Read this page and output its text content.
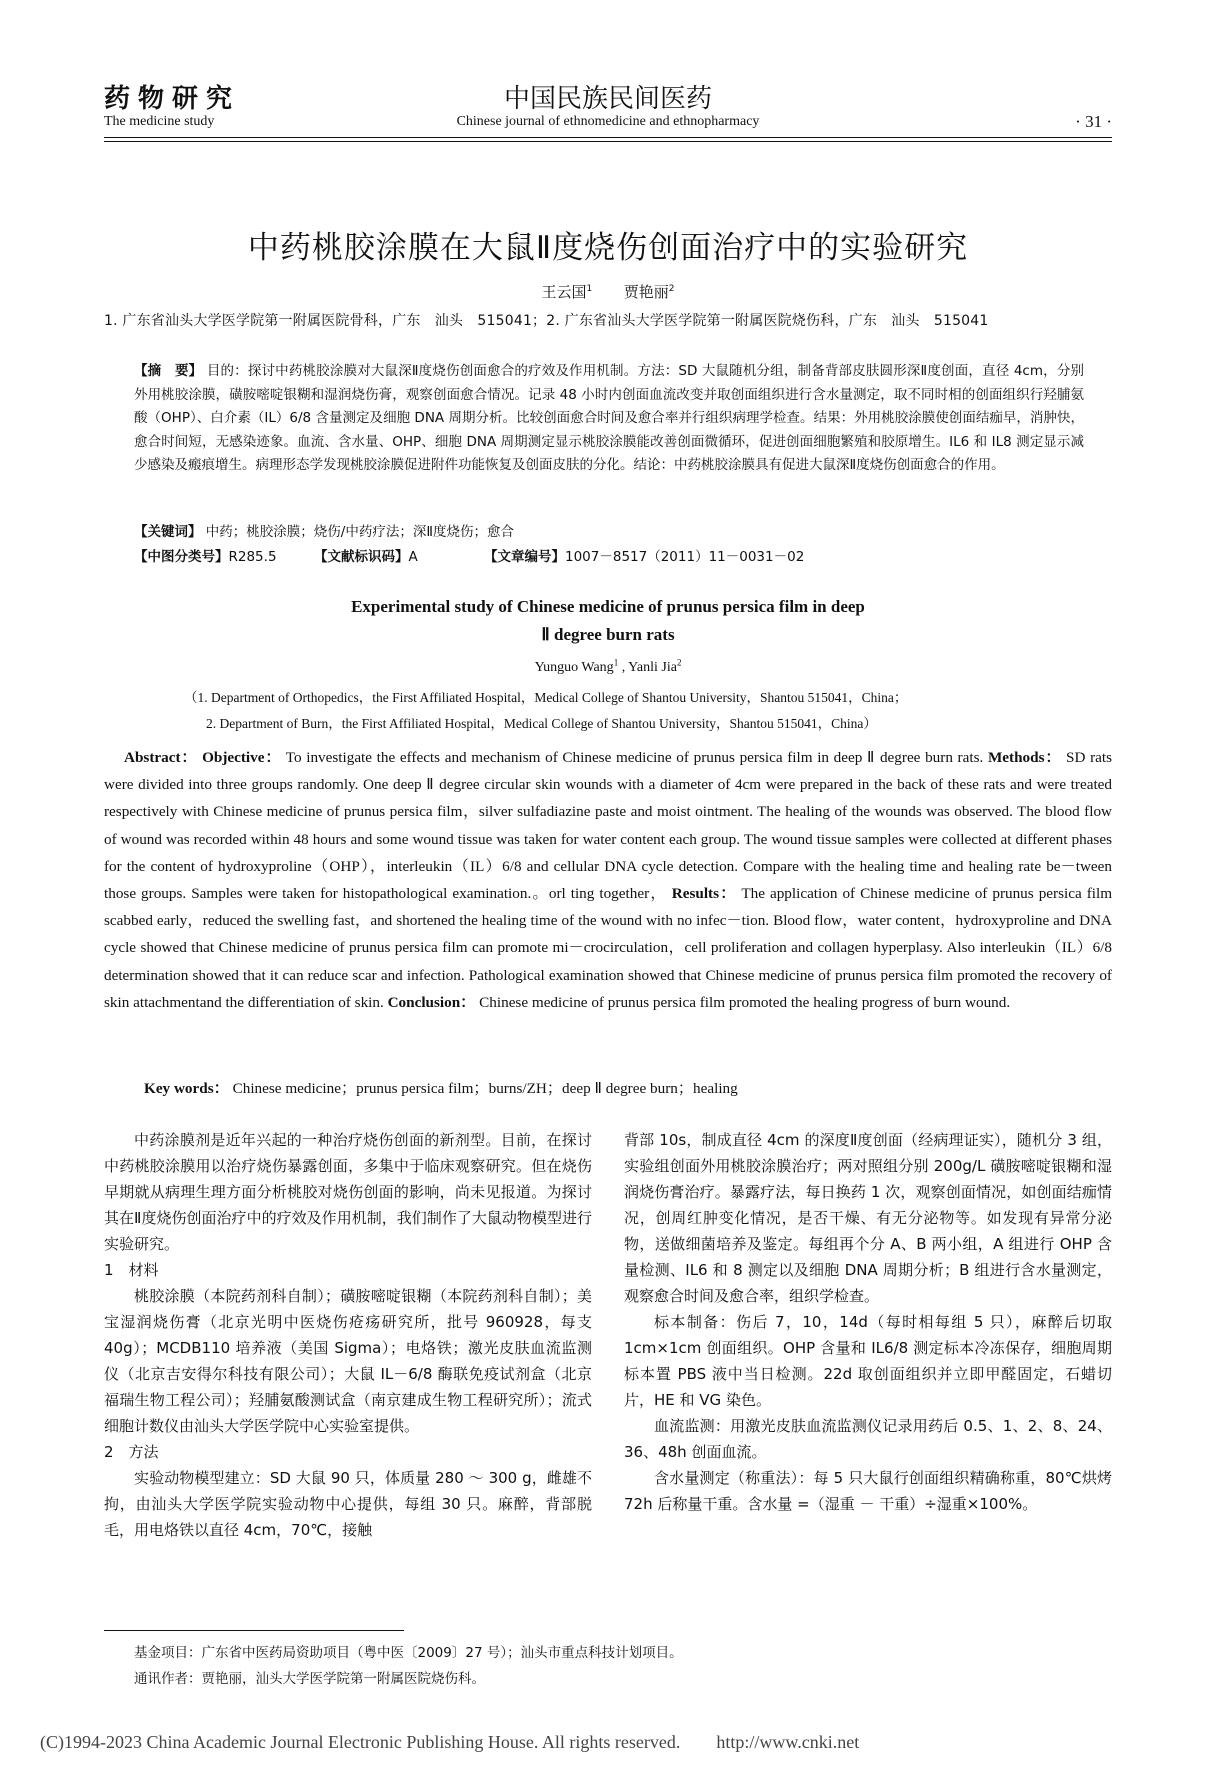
药物研究
The medicine study
中国民族民间医药
Chinese journal of ethnomedicine and ethnopharmacy	· 31 ·
中药桃胶涂膜在大鼠Ⅱ度烧伤创面治疗中的实验研究
王云国$^1$ 贾艳丽$^2$
1. 广东省汕头大学医学院第一附属医院骨科，广东　汕头　515041；2. 广东省汕头大学医学院第一附属医院烧伤科，广东　汕头　515041
【摘　要】 目的：探讨中药桃胶涂膜对大鼠深Ⅱ度烧伤创面愈合的疗效及作用机制。方法：SD 大鼠随机分组，制备背部皮肤圆形深Ⅱ度创面，直径 4cm，分别外用桃胶涂膜，磺胺嘧啶银糊和湿润烧伤膏，观察创面愈合情况。记录 48 小时内创面血流改变并取创面组织进行含水量测定，取不同时相的创面组织行羟脯氨酸（OHP）、白介素（IL）6/8 含量测定及细胞 DNA 周期分析。比较创面愈合时间及愈合率并行组织病理学检查。结果：外用桃胶涂膜使创面结痂早，消肿快，愈合时间短，无感染迹象。血流、含水量、OHP、细胞 DNA 周期测定显示桃胶涂膜能改善创面微循环，促进创面细胞繁殖和胶原增生。IL6 和 IL8 测定显示减少感染及瘢痕增生。病理形态学发现桃胶涂膜促进附件功能恢复及创面皮肤的分化。结论：中药桃胶涂膜具有促进大鼠深Ⅱ度烧伤创面愈合的作用。
【关键词】 中药；桃胶涂膜；烧伤/中药疗法；深Ⅱ度烧伤；愈合
【中图分类号】R285.5	【文献标识码】A	【文章编号】1007－8517（2011）11－0031－02
Experimental study of Chinese medicine of prunus persica film in deep
Ⅱ degree burn rats
Yunguo Wang$^1$ , Yanli Jia$^2$
（1. Department of Orthopedics，the First Affiliated Hospital，Medical College of Shantou University，Shantou 515041，China；
2. Department of Burn，the First Affiliated Hospital，Medical College of Shantou University，Shantou 515041，China）
Abstract： Objective： To investigate the effects and mechanism of Chinese medicine of prunus persica film in deep Ⅱ degree burn rats. Methods： SD rats were divided into three groups randomly. One deep Ⅱ degree circular skin wounds with a diameter of 4cm were prepared in the back of these rats and were treated respectively with Chinese medicine of prunus persica film，silver sulfadiazine paste and moist ointment. The healing of the wounds was observed. The blood flow of wound was recorded within 48 hours and some wound tissue was taken for water content each group. The wound tissue samples were collected at different phases for the content of hydroxyproline（OHP），interleukin（IL）6/8 and cellular DNA cycle detection. Compare with the healing time and healing rate be－tween those groups. Samples were taken for histopathological examination.。orl ting together， Results： The application of Chinese medicine of prunus persica film scabbed early，reduced the swelling fast，and shortened the healing time of the wound with no infec－tion. Blood flow，water content，hydroxyproline and DNA cycle showed that Chinese medicine of prunus persica film can promote mi－crocirculation，cell proliferation and collagen hyperplasy. Also interleukin（IL）6/8 determination showed that it can reduce scar and infection. Pathological examination showed that Chinese medicine of prunus persica film promoted the recovery of skin attachmentand the differentiation of skin. Conclusion： Chinese medicine of prunus persica film promoted the healing progress of burn wound.
Key words： Chinese medicine；prunus persica film；burns/ZH；deep Ⅱ degree burn；healing

中药涂膜剂是近年兴起的一种治疗烧伤创面的新剂型。目前，在探讨中药桃胶涂膜用以治疗烧伤暴露创面，多集中于临床观察研究。但在烧伤早期就从病理生理方面分析桃胶对烧伤创面的影响，尚未见报道。为探讨其在Ⅱ度烧伤创面治疗中的疗效及作用机制，我们制作了大鼠动物模型进行实验研究。

1　材料

桃胶涂膜（本院药剂科自制）；磺胺嘧啶银糊（本院药剂科自制）；美宝湿润烧伤膏（北京光明中医烧伤疮疡研究所，批号 960928，每支 40g）；MCDB110 培养液（美国 Sigma）；电烙铁；激光皮肤血流监测仪（北京吉安得尔科技有限公司）；大鼠 IL－6/8 酶联免疫试剂盒（北京福瑞生物工程公司）；羟脯氨酸测试盒（南京建成生物工程研究所）；流式细胞计数仪由汕头大学医学院中心实验室提供。

2　方法

实验动物模型建立：SD 大鼠 90 只，体质量 280 ～ 300 g，雌雄不拘，由汕头大学医学院实验动物中心提供，每组 30 只。麻醉，背部脱毛，用电烙铁以直径 4cm，70℃，接触

背部 10s，制成直径 4cm 的深度Ⅱ度创面（经病理证实），随机分 3 组，实验组创面外用桃胶涂膜治疗；两对照组分别 200g/L 磺胺嘧啶银糊和湿润烧伤膏治疗。暴露疗法，每日换药 1 次，观察创面情况，如创面结痂情况，创周红肿变化情况，是否干燥、有无分泌物等。如发现有异常分泌物，送做细菌培养及鉴定。每组再个分 A、B 两小组，A 组进行 OHP 含量检测、IL6 和 8 测定以及细胞 DNA 周期分析；B 组进行含水量测定，观察愈合时间及愈合率，组织学检查。

标本制备：伤后 7，10，14d（每时相每组 5 只），麻醉后切取 1cm×1cm 创面组织。OHP 含量和 IL6/8 测定标本冷冻保存，细胞周期标本置 PBS 液中当日检测。22d 取创面组织并立即甲醛固定，石蜡切片，HE 和 VG 染色。

血流监测：用激光皮肤血流监测仪记录用药后 0.5、1、2、8、24、36、48h 创面血流。

含水量测定（称重法）：每 5 只大鼠行创面组织精确称重，80℃烘烤 72h 后称量干重。含水量 =（湿重 － 干重）÷湿重×100%。

基金项目：广东省中医药局资助项目（粤中医〔2009〕27 号）；汕头市重点科技计划项目。
通讯作者：贾艳丽，汕头大学医学院第一附属医院烧伤科。
(C)1994-2023 China Academic Journal Electronic Publishing House. All rights reserved.　　http://www.cnki.net
